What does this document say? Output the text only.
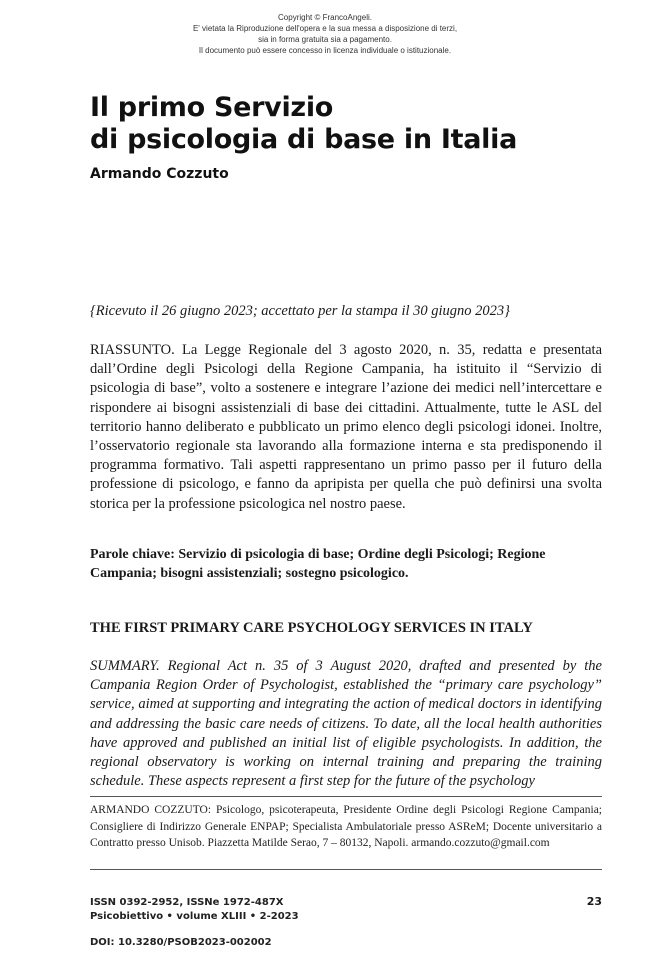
Copyright © FrancoAngeli.
E' vietata la Riproduzione dell'opera e la sua messa a disposizione di terzi,
sia in forma gratuita sia a pagamento.
Il documento può essere concesso in licenza individuale o istituzionale.
Il primo Servizio
di psicologia di base in Italia
Armando Cozzuto
{Ricevuto il 26 giugno 2023; accettato per la stampa il 30 giugno 2023}

RIASSUNTO. La Legge Regionale del 3 agosto 2020, n. 35, redatta e presentata dall’Ordine degli Psicologi della Regione Campania, ha istituito il “Servizio di psicologia di base”, volto a sostenere e integrare l’azione dei medici nell’intercettare e rispondere ai bisogni assistenziali di base dei cittadini. Attualmente, tutte le ASL del territorio hanno deliberato e pubblicato un primo elenco degli psicologi idonei. Inoltre, l’osservatorio regionale sta lavorando alla formazione interna e sta predisponendo il programma formativo. Tali aspetti rappresentano un primo passo per il futuro della professione di psicologo, e fanno da apripista per quella che può definirsi una svolta storica per la professione psicologica nel nostro paese.

Parole chiave: Servizio di psicologia di base; Ordine degli Psicologi; Regione Campania; bisogni assistenziali; sostegno psicologico.

THE FIRST PRIMARY CARE PSYCHOLOGY SERVICES IN ITALY

SUMMARY. Regional Act n. 35 of 3 August 2020, drafted and presented by the Campania Region Order of Psychologist, established the “primary care psychology” service, aimed at supporting and integrating the action of medical doctors in identifying and addressing the basic care needs of citizens. To date, all the local health authorities have approved and published an initial list of eligible psychologists. In addition, the regional observatory is working on internal training and preparing the training schedule. These aspects represent a first step for the future of the psychology

ARMANDO COZZUTO: Psicologo, psicoterapeuta, Presidente Ordine degli Psicologi Regione Campania; Consigliere di Indirizzo Generale ENPAP; Specialista Ambulatoriale presso ASReM; Docente universitario a Contratto presso Unisob. Piazzetta Matilde Serao, 7 – 80132, Napoli. armando.cozzuto@gmail.com

ISSN 0392-2952, ISSNe 1972-487X
Psicobiettivo • volume XLIII • 2-2023
23
DOI: 10.3280/PSOB2023-002002
